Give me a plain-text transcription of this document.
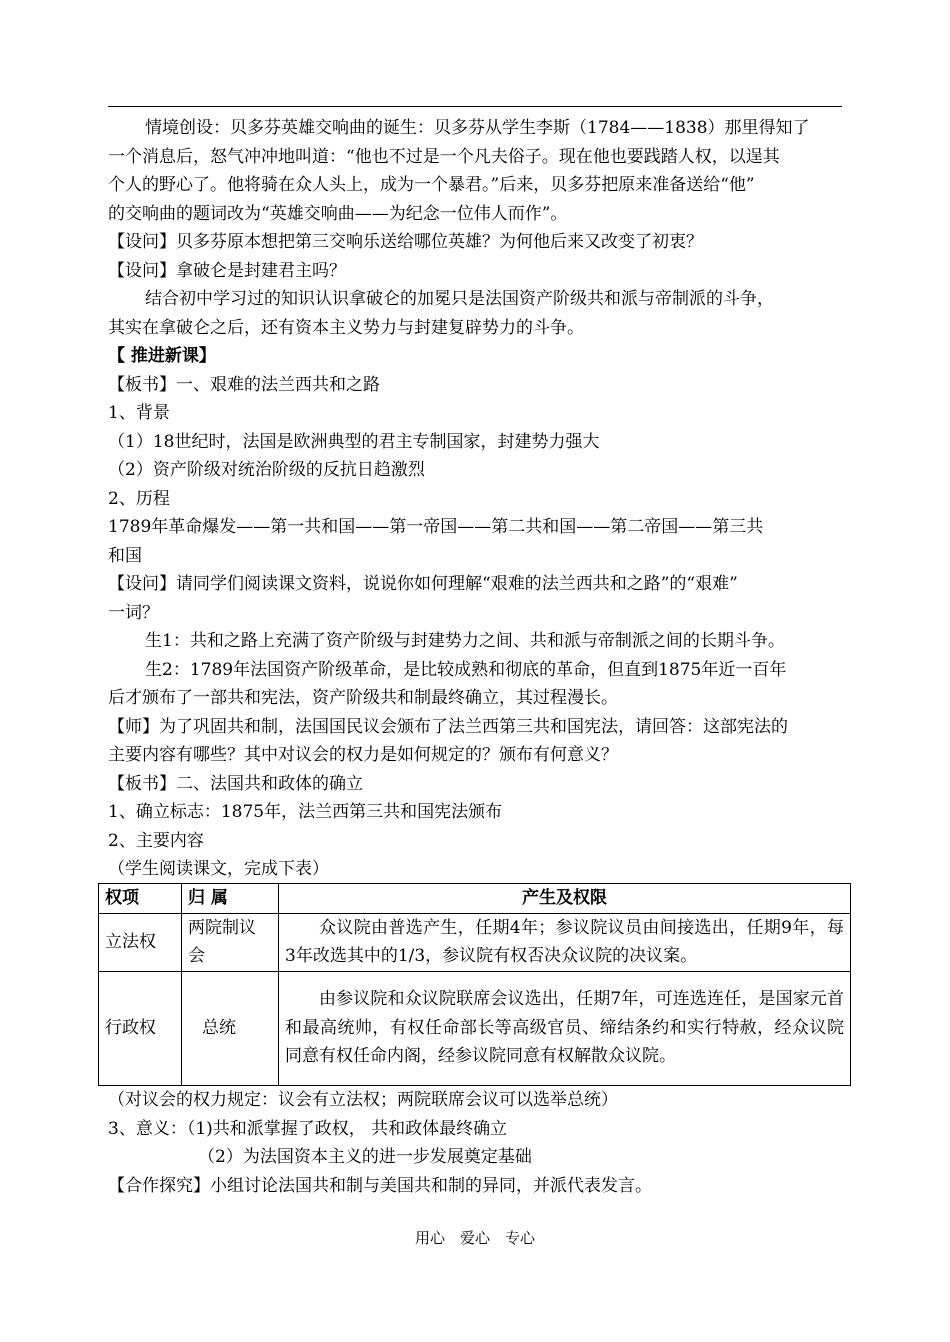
情境创设：贝多芬英雄交响曲的诞生：贝多芬从学生李斯（1784——1838）那里得知了
一个消息后，怒气冲冲地叫道：“他也不过是一个凡夫俗子。现在他也要践踏人权，以逞其
个人的野心了。他将骑在众人头上，成为一个暴君。”后来，贝多芬把原来准备送给“他”
的交响曲的题词改为“英雄交响曲——为纪念一位伟人而作”。
【设问】贝多芬原本想把第三交响乐送给哪位英雄？为何他后来又改变了初衷？
【设问】拿破仑是封建君主吗？
结合初中学习过的知识认识拿破仑的加冕只是法国资产阶级共和派与帝制派的斗争，
其实在拿破仑之后，还有资本主义势力与封建复辟势力的斗争。
【 推进新课】
【板书】一、艰难的法兰西共和之路
1、背景
（1）18世纪时，法国是欧洲典型的君主专制国家，封建势力强大
（2）资产阶级对统治阶级的反抗日趋激烈
2、历程
1789年革命爆发——第一共和国——第一帝国——第二共和国——第二帝国——第三共
和国
【设问】请同学们阅读课文资料，说说你如何理解“艰难的法兰西共和之路”的“艰难”
一词？
生1：共和之路上充满了资产阶级与封建势力之间、共和派与帝制派之间的长期斗争。
生2：1789年法国资产阶级革命，是比较成熟和彻底的革命，但直到1875年近一百年
后才颁布了一部共和宪法，资产阶级共和制最终确立，其过程漫长。
【师】为了巩固共和制，法国国民议会颁布了法兰西第三共和国宪法，请回答：这部宪法的
主要内容有哪些？其中对议会的权力是如何规定的？颁布有何意义？
【板书】二、法国共和政体的确立
1、确立标志：1875年，法兰西第三共和国宪法颁布
2、主要内容
（学生阅读课文，完成下表）
权项	归 属	产生及权限
立法权	两院制议会	众议院由普选产生，任期4年；参议院议员由间接选出，任期9年，每3年改选其中的1/3，参议院有权否决众议院的决议案。
行政权	总统	由参议院和众议院联席会议选出，任期7年，可连选连任，是国家元首和最高统帅，有权任命部长等高级官员、缔结条约和实行特赦，经众议院同意有权任命内阁，经参议院同意有权解散众议院。
（对议会的权力规定：议会有立法权；两院联席会议可以选举总统）
3、意义：（1)共和派掌握了政权， 共和政体最终确立
（2）为法国资本主义的进一步发展奠定基础
【合作探究】小组讨论法国共和制与美国共和制的异同，并派代表发言。
用心　爱心　专心
